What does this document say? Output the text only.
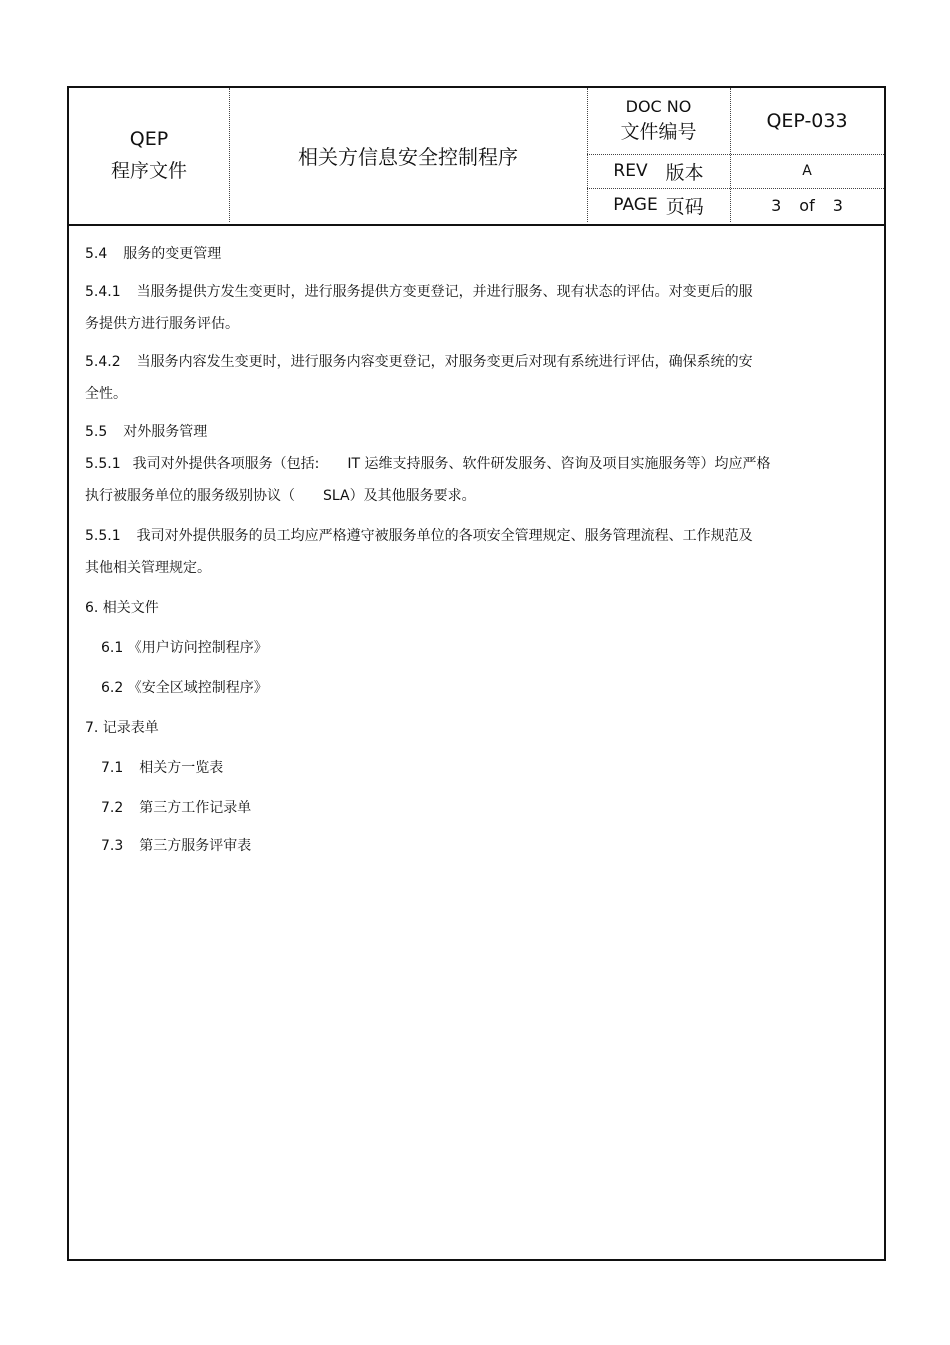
QEP
程序文件
相关方信息安全控制程序
DOC NO
文件编号	QEP-033
REV 版本	A
PAGE 页码	3 of 3

5.4 服务的变更管理

5.4.1 当服务提供方发生变更时，进行服务提供方变更登记，并进行服务、现有状态的评估。对变更后的服

务提供方进行服务评估。

5.4.2 当服务内容发生变更时，进行服务内容变更登记，对服务变更后对现有系统进行评估，确保系统的安

全性。

5.5 对外服务管理

5.5.1 我司对外提供各项服务（包括:　　IT 运维支持服务、软件研发服务、咨询及项目实施服务等）均应严格

执行被服务单位的服务级别协议（　　SLA）及其他服务要求。

5.5.1 我司对外提供服务的员工均应严格遵守被服务单位的各项安全管理规定、服务管理流程、工作规范及

其他相关管理规定。

6. 相关文件

6.1 《用户访问控制程序》

6.2 《安全区域控制程序》

7. 记录表单

7.1 相关方一览表

7.2 第三方工作记录单

7.3 第三方服务评审表
